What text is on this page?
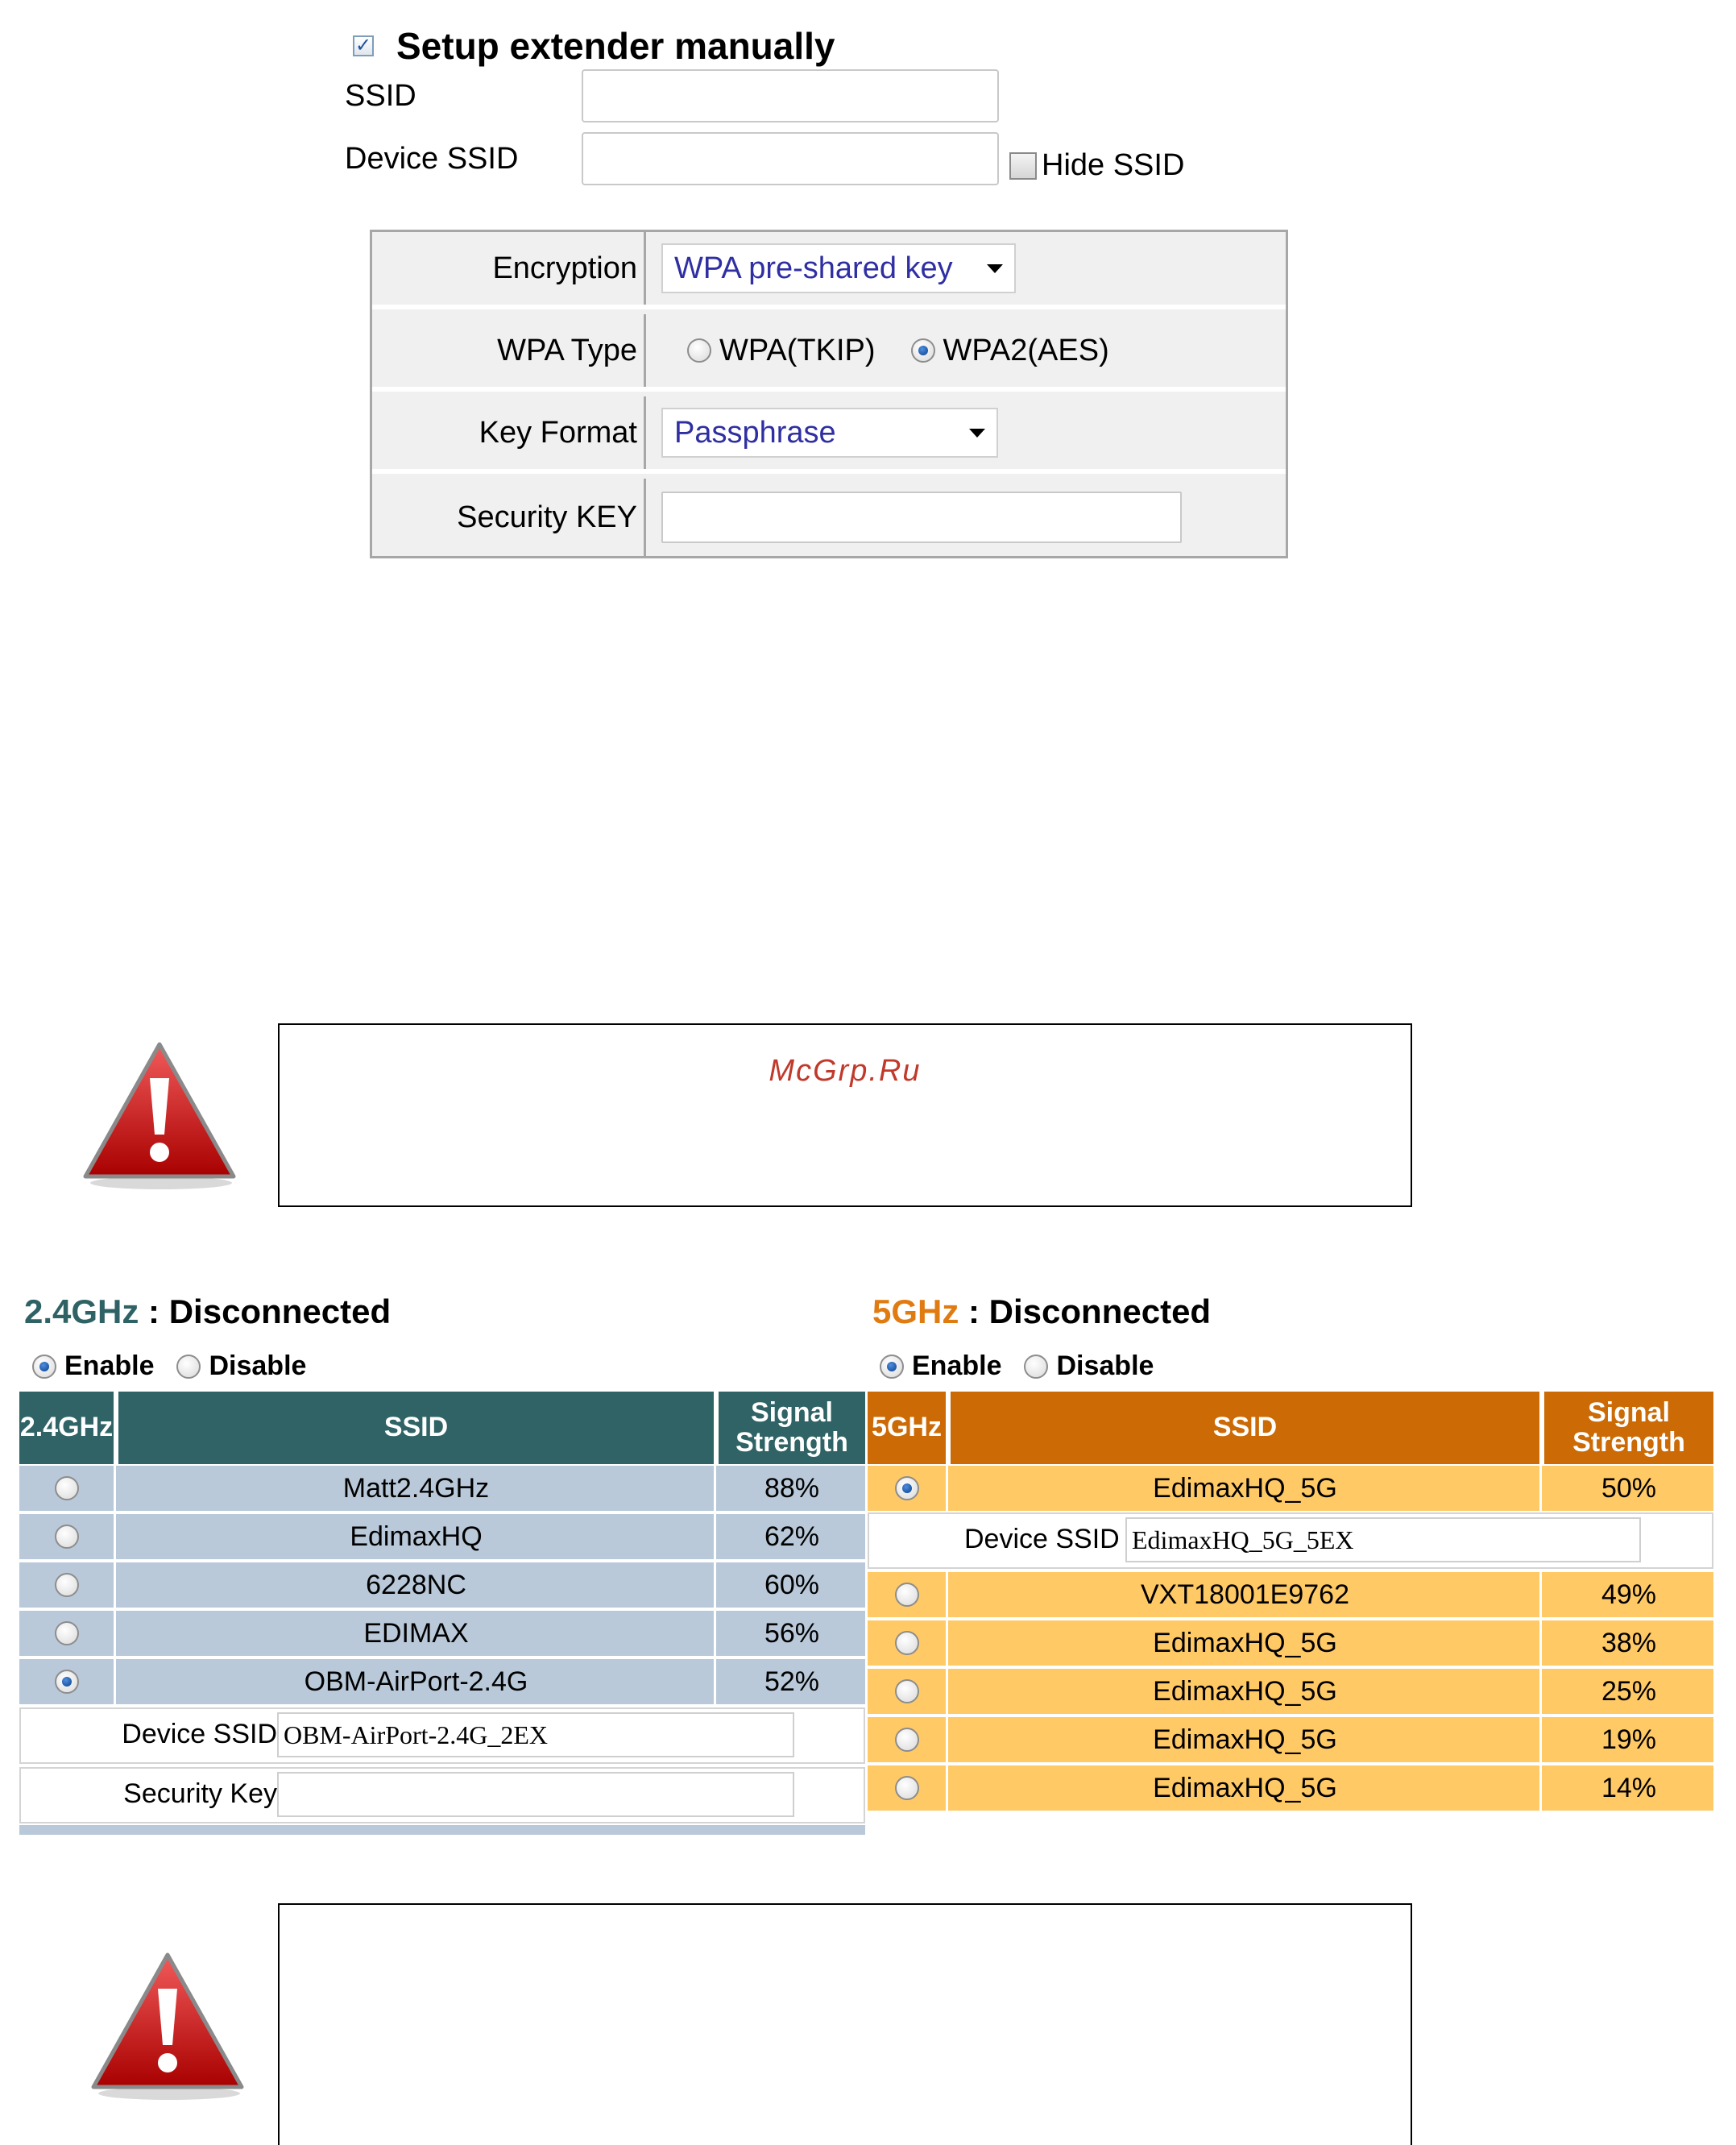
✓ Setup extender manually
SSID
Device SSID	Hide SSID
Encryption WPA pre-shared key
WPA Type	WPA(TKIP) WPA2(AES)
Key Format Passphrase
Security KEY
McGrp.Ru
2.4GHz : Disconnected
Enable Disable
2.4GHz	SSID	Signal Strength
Matt2.4GHz	88%
EdimaxHQ	62%
6228NC	60%
EDIMAX	56%
OBM-AirPort-2.4G	52%
Device SSID OBM-AirPort-2.4G_2EX
Security Key
5GHz : Disconnected
Enable Disable
5GHz	SSID	Signal Strength
EdimaxHQ_5G	50%
Device SSID EdimaxHQ_5G_5EX
VXT18001E9762	49%
EdimaxHQ_5G	38%
EdimaxHQ_5G	25%
EdimaxHQ_5G	19%
EdimaxHQ_5G	14%
